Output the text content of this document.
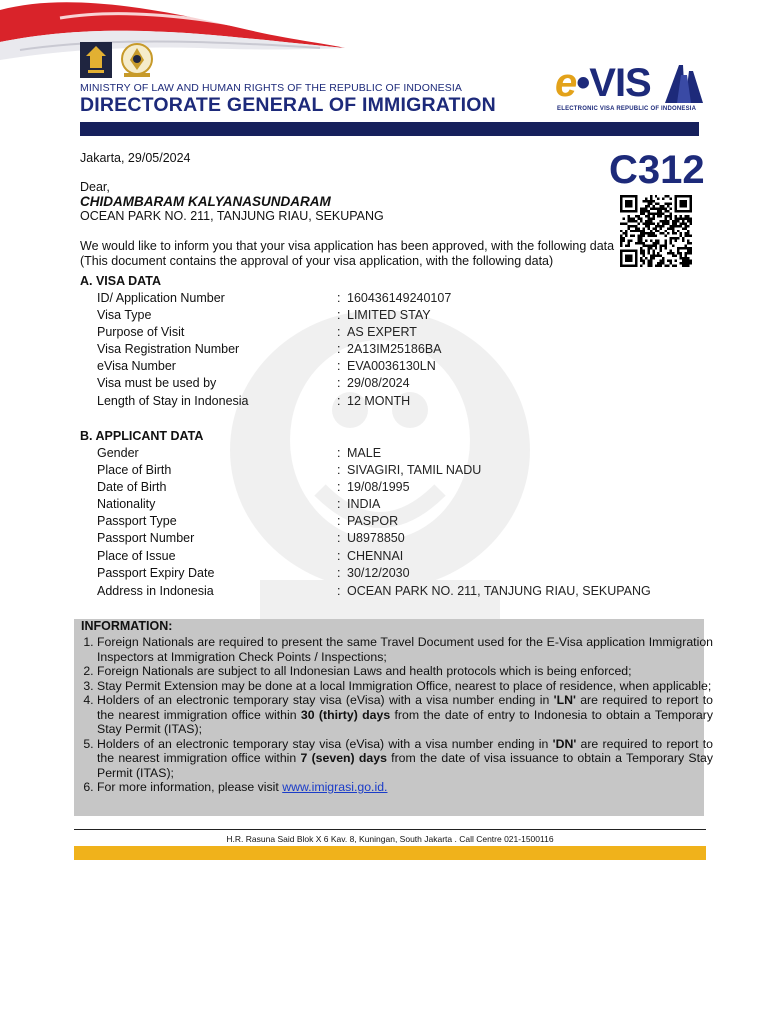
MINISTRY OF LAW AND HUMAN RIGHTS OF THE REPUBLIC OF INDONESIA
DIRECTORATE GENERAL OF IMMIGRATION e•VIS
ELECTRONIC VISA REPUBLIC OF INDONESIA
Jakarta, 29/05/2024	C312
Dear,
CHIDAMBARAM KALYANASUNDARAM
OCEAN PARK NO. 211, TANJUNG RIAU, SEKUPANG
We would like to inform you that your visa application has been approved, with the following data
(This document contains the approval of your visa application, with the following data)
A. VISA DATA
ID/ Application Number	: 160436149240107
Visa Type	: LIMITED STAY
Purpose of Visit	: AS EXPERT
Visa Registration Number	: 2A13IM25186BA
eVisa Number	: EVA0036130LN
Visa must be used by	: 29/08/2024
Length of Stay in Indonesia	: 12 MONTH
B. APPLICANT DATA
Gender	: MALE
Place of Birth	: SIVAGIRI, TAMIL NADU
Date of Birth	: 19/08/1995
Nationality	: INDIA
Passport Type	: PASPOR
Passport Number	: U8978850
Place of Issue	: CHENNAI
Passport Expiry Date	: 30/12/2030
Address in Indonesia	: OCEAN PARK NO. 211, TANJUNG RIAU, SEKUPANG
INFORMATION:
1. Foreign Nationals are required to present the same Travel Document used for the E-Visa application Immigration Inspectors at Immigration Check Points / Inspections;
2. Foreign Nationals are subject to all Indonesian Laws and health protocols which is being enforced;
3. Stay Permit Extension may be done at a local Immigration Office, nearest to place of residence, when applicable;
4. Holders of an electronic temporary stay visa (eVisa) with a visa number ending in 'LN' are required to report to the nearest immigration office within 30 (thirty) days from the date of entry to Indonesia to obtain a Temporary Stay Permit (ITAS);
5. Holders of an electronic temporary stay visa (eVisa) with a visa number ending in 'DN' are required to report to the nearest immigration office within 7 (seven) days from the date of visa issuance to obtain a Temporary Stay Permit (ITAS);
6. For more information, please visit www.imigrasi.go.id.
H.R. Rasuna Said Blok X 6 Kav. 8, Kuningan, South Jakarta . Call Centre 021-1500116
